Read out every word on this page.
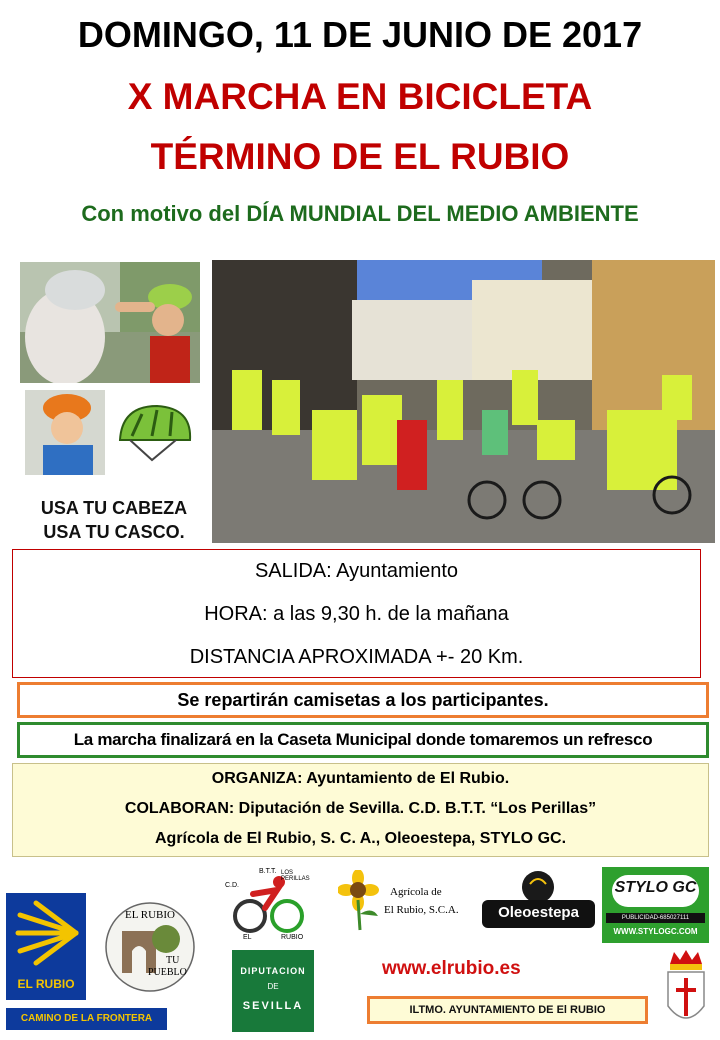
DOMINGO, 11 DE JUNIO DE 2017
X MARCHA EN BICICLETA
TÉRMINO DE EL RUBIO
Con motivo del DÍA MUNDIAL DEL MEDIO AMBIENTE
USA TU CABEZA
USA TU CASCO.
SALIDA: Ayuntamiento
HORA: a las 9,30 h. de la mañana
DISTANCIA APROXIMADA +- 20 Km.
Se repartirán camisetas a los participantes.
La marcha finalizará en la Caseta Municipal donde tomaremos un refresco
ORGANIZA: Ayuntamiento de El Rubio.
COLABORAN: Diputación de Sevilla. C.D. B.T.T. “Los Perillas”
Agrícola de El Rubio, S. C. A., Oleoestepa, STYLO GC.
EL RUBIO
CAMINO DE LA FRONTERA
EL RUBIO
TU
PUEBLO
B.T.T.
C.D.
LOS PERILLAS
EL	RUBIO
Agrícola de
El Rubio, S.C.A.	Oleoestepa
STYLO GC
PUBLICIDAD-685027111
WWW.STYLOGC.COM
DIPUTACION
DE
SEVILLA
www.elrubio.es
ILTMO. AYUNTAMIENTO DE El RUBIO
